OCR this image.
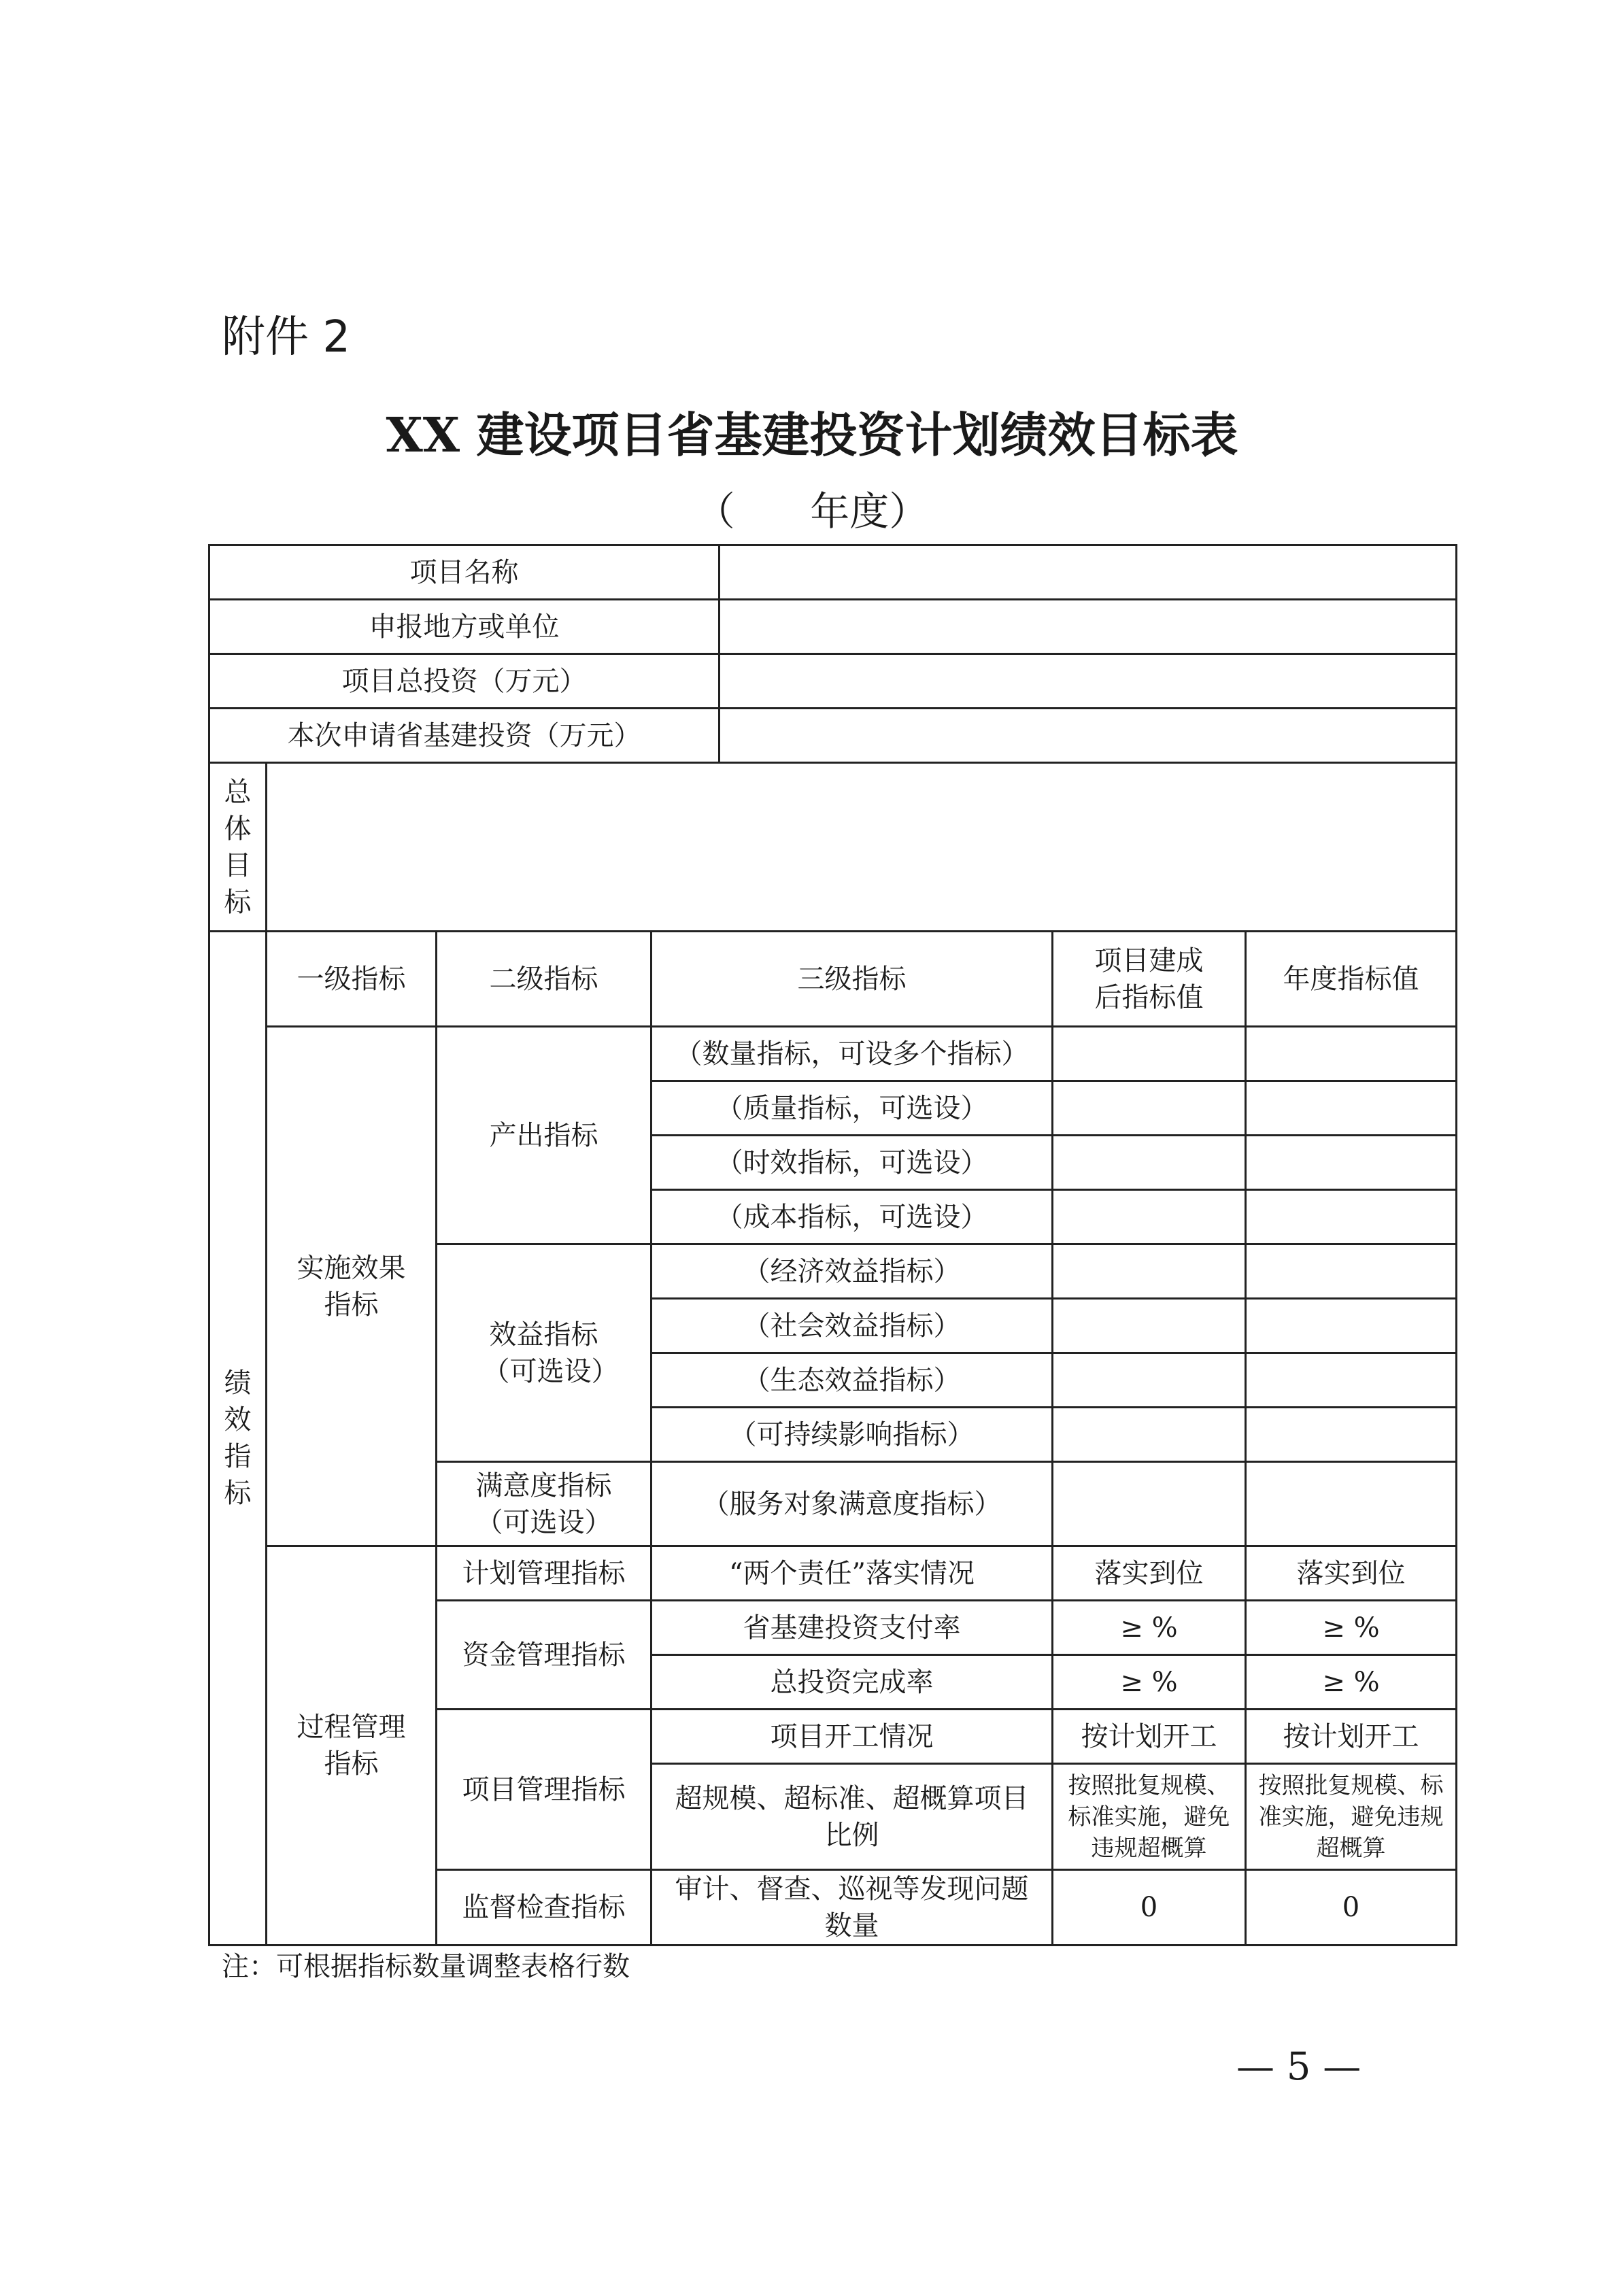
附件 2
XX 建设项目省基建投资计划绩效目标表
（      年度）
项目名称						
申报地方或单位						
项目总投资（万元）						
本次申请省基建投资（万元）						
总体目标						
绩效指标	一级指标	二级指标	三级指标		项目建成后指标值	年度指标值
	实施效果指标	产出指标	（数量指标，可设多个指标）			
			（质量指标，可选设）			
			（时效指标，可选设）			
			（成本指标，可选设）			
		效益指标（可选设）	（经济效益指标）			
			（社会效益指标）			
			（生态效益指标）			
			（可持续影响指标）			
		满意度指标（可选设）	（服务对象满意度指标）			
	过程管理指标	计划管理指标	“两个责任”落实情况		落实到位	落实到位
		资金管理指标	省基建投资支付率		≥ %	≥ %
			总投资完成率		≥ %	≥ %
		项目管理指标	项目开工情况		按计划开工	按计划开工
			超规模、超标准、超概算项目比例		按照批复规模、标准实施，避免违规超概算	按照批复规模、标准实施，避免违规超概算
		监督检查指标	审计、督查、巡视等发现问题数量		0	0
注：可根据指标数量调整表格行数
— 5 —
